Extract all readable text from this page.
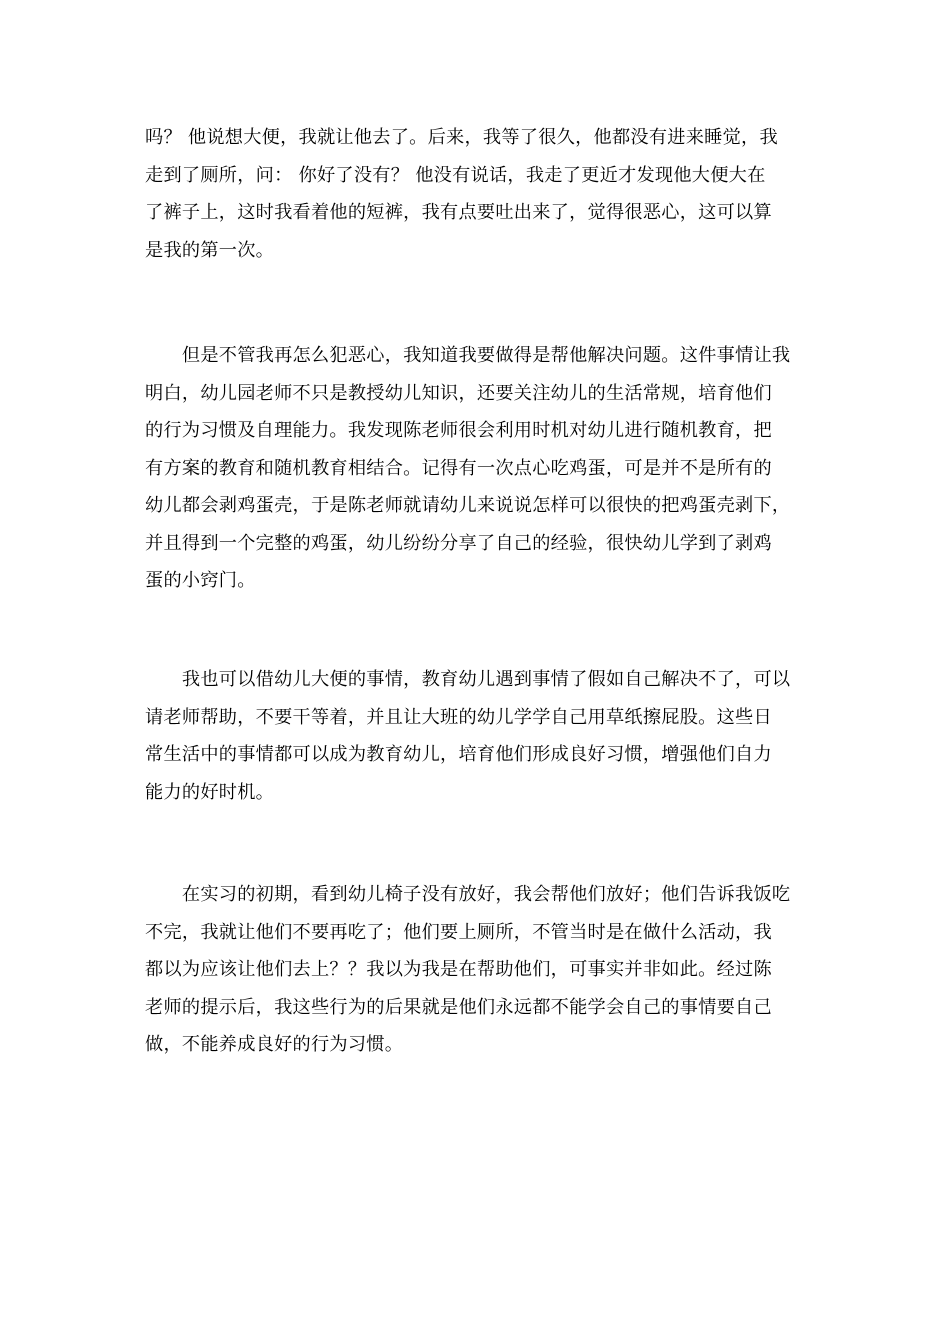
吗？ 他说想大便，我就让他去了。后来，我等了很久，他都没有进来睡觉，我
走到了厕所，问： 你好了没有？ 他没有说话，我走了更近才发现他大便大在
了裤子上，这时我看着他的短裤，我有点要吐出来了，觉得很恶心，这可以算
是我的第一次。

　　但是不管我再怎么犯恶心，我知道我要做得是帮他解决问题。这件事情让我
明白，幼儿园老师不只是教授幼儿知识，还要关注幼儿的生活常规，培育他们
的行为习惯及自理能力。我发现陈老师很会利用时机对幼儿进行随机教育，把
有方案的教育和随机教育相结合。记得有一次点心吃鸡蛋，可是并不是所有的
幼儿都会剥鸡蛋壳，于是陈老师就请幼儿来说说怎样可以很快的把鸡蛋壳剥下，
并且得到一个完整的鸡蛋，幼儿纷纷分享了自己的经验，很快幼儿学到了剥鸡
蛋的小窍门。

　　我也可以借幼儿大便的事情，教育幼儿遇到事情了假如自己解决不了，可以
请老师帮助，不要干等着，并且让大班的幼儿学学自己用草纸擦屁股。这些日
常生活中的事情都可以成为教育幼儿，培育他们形成良好习惯，增强他们自力
能力的好时机。

　　在实习的初期，看到幼儿椅子没有放好，我会帮他们放好；他们告诉我饭吃
不完，我就让他们不要再吃了；他们要上厕所，不管当时是在做什么活动，我
都以为应该让他们去上？？我以为我是在帮助他们，可事实并非如此。经过陈
老师的提示后，我这些行为的后果就是他们永远都不能学会自己的事情要自己
做，不能养成良好的行为习惯。
